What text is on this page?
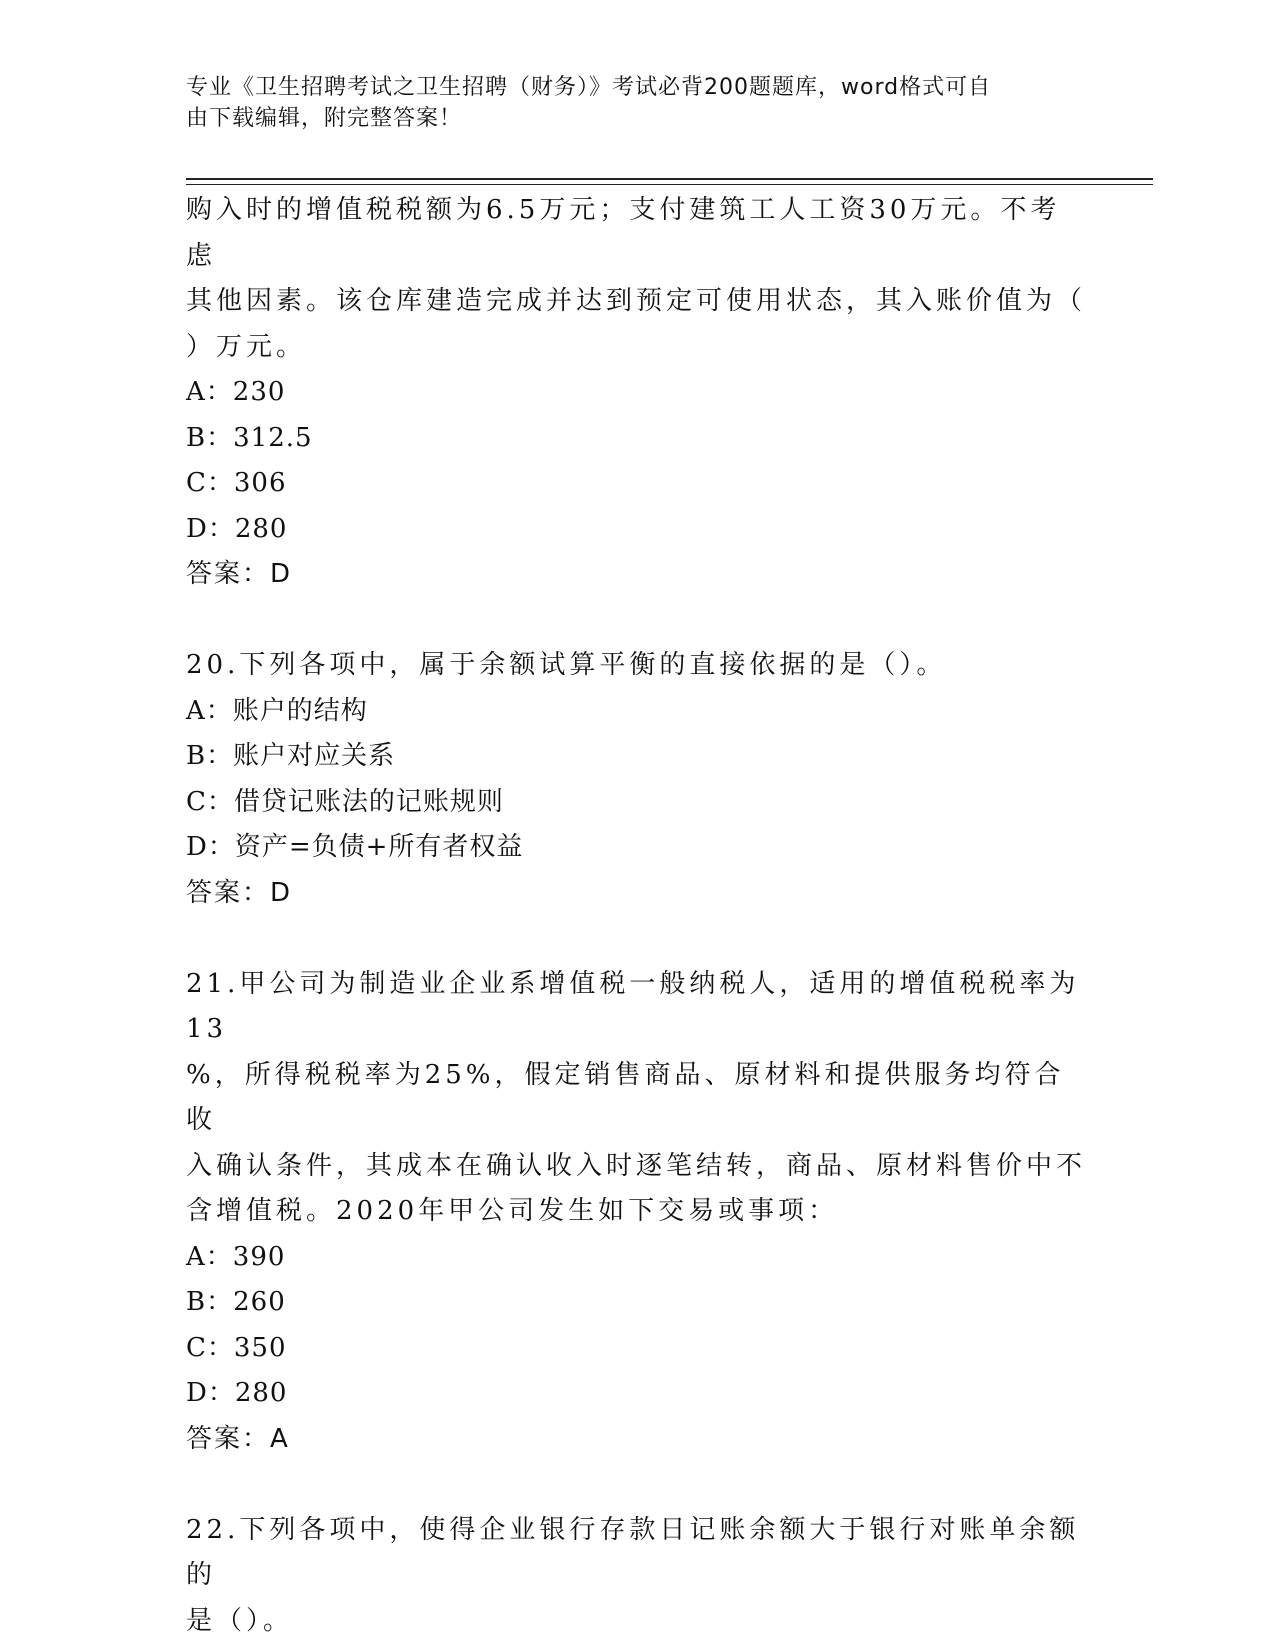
专业《卫生招聘考试之卫生招聘（财务）》考试必背200题题库，word格式可自
由下载编辑，附完整答案！

购入时的增值税税额为6.5万元；支付建筑工人工资30万元。不考虑

其他因素。该仓库建造完成并达到预定可使用状态，其入账价值为（

）万元。

A：230

B：312.5

C：306

D：280

答案：D

20.下列各项中，属于余额试算平衡的直接依据的是（）。

A：账户的结构

B：账户对应关系

C：借贷记账法的记账规则

D：资产=负债+所有者权益

答案：D

21.甲公司为制造业企业系增值税一般纳税人，适用的增值税税率为13

%，所得税税率为25%，假定销售商品、原材料和提供服务均符合收

入确认条件，其成本在确认收入时逐笔结转，商品、原材料售价中不

含增值税。2020年甲公司发生如下交易或事项：

A：390

B：260

C：350

D：280

答案：A

22.下列各项中，使得企业银行存款日记账余额大于银行对账单余额的

是（）。
